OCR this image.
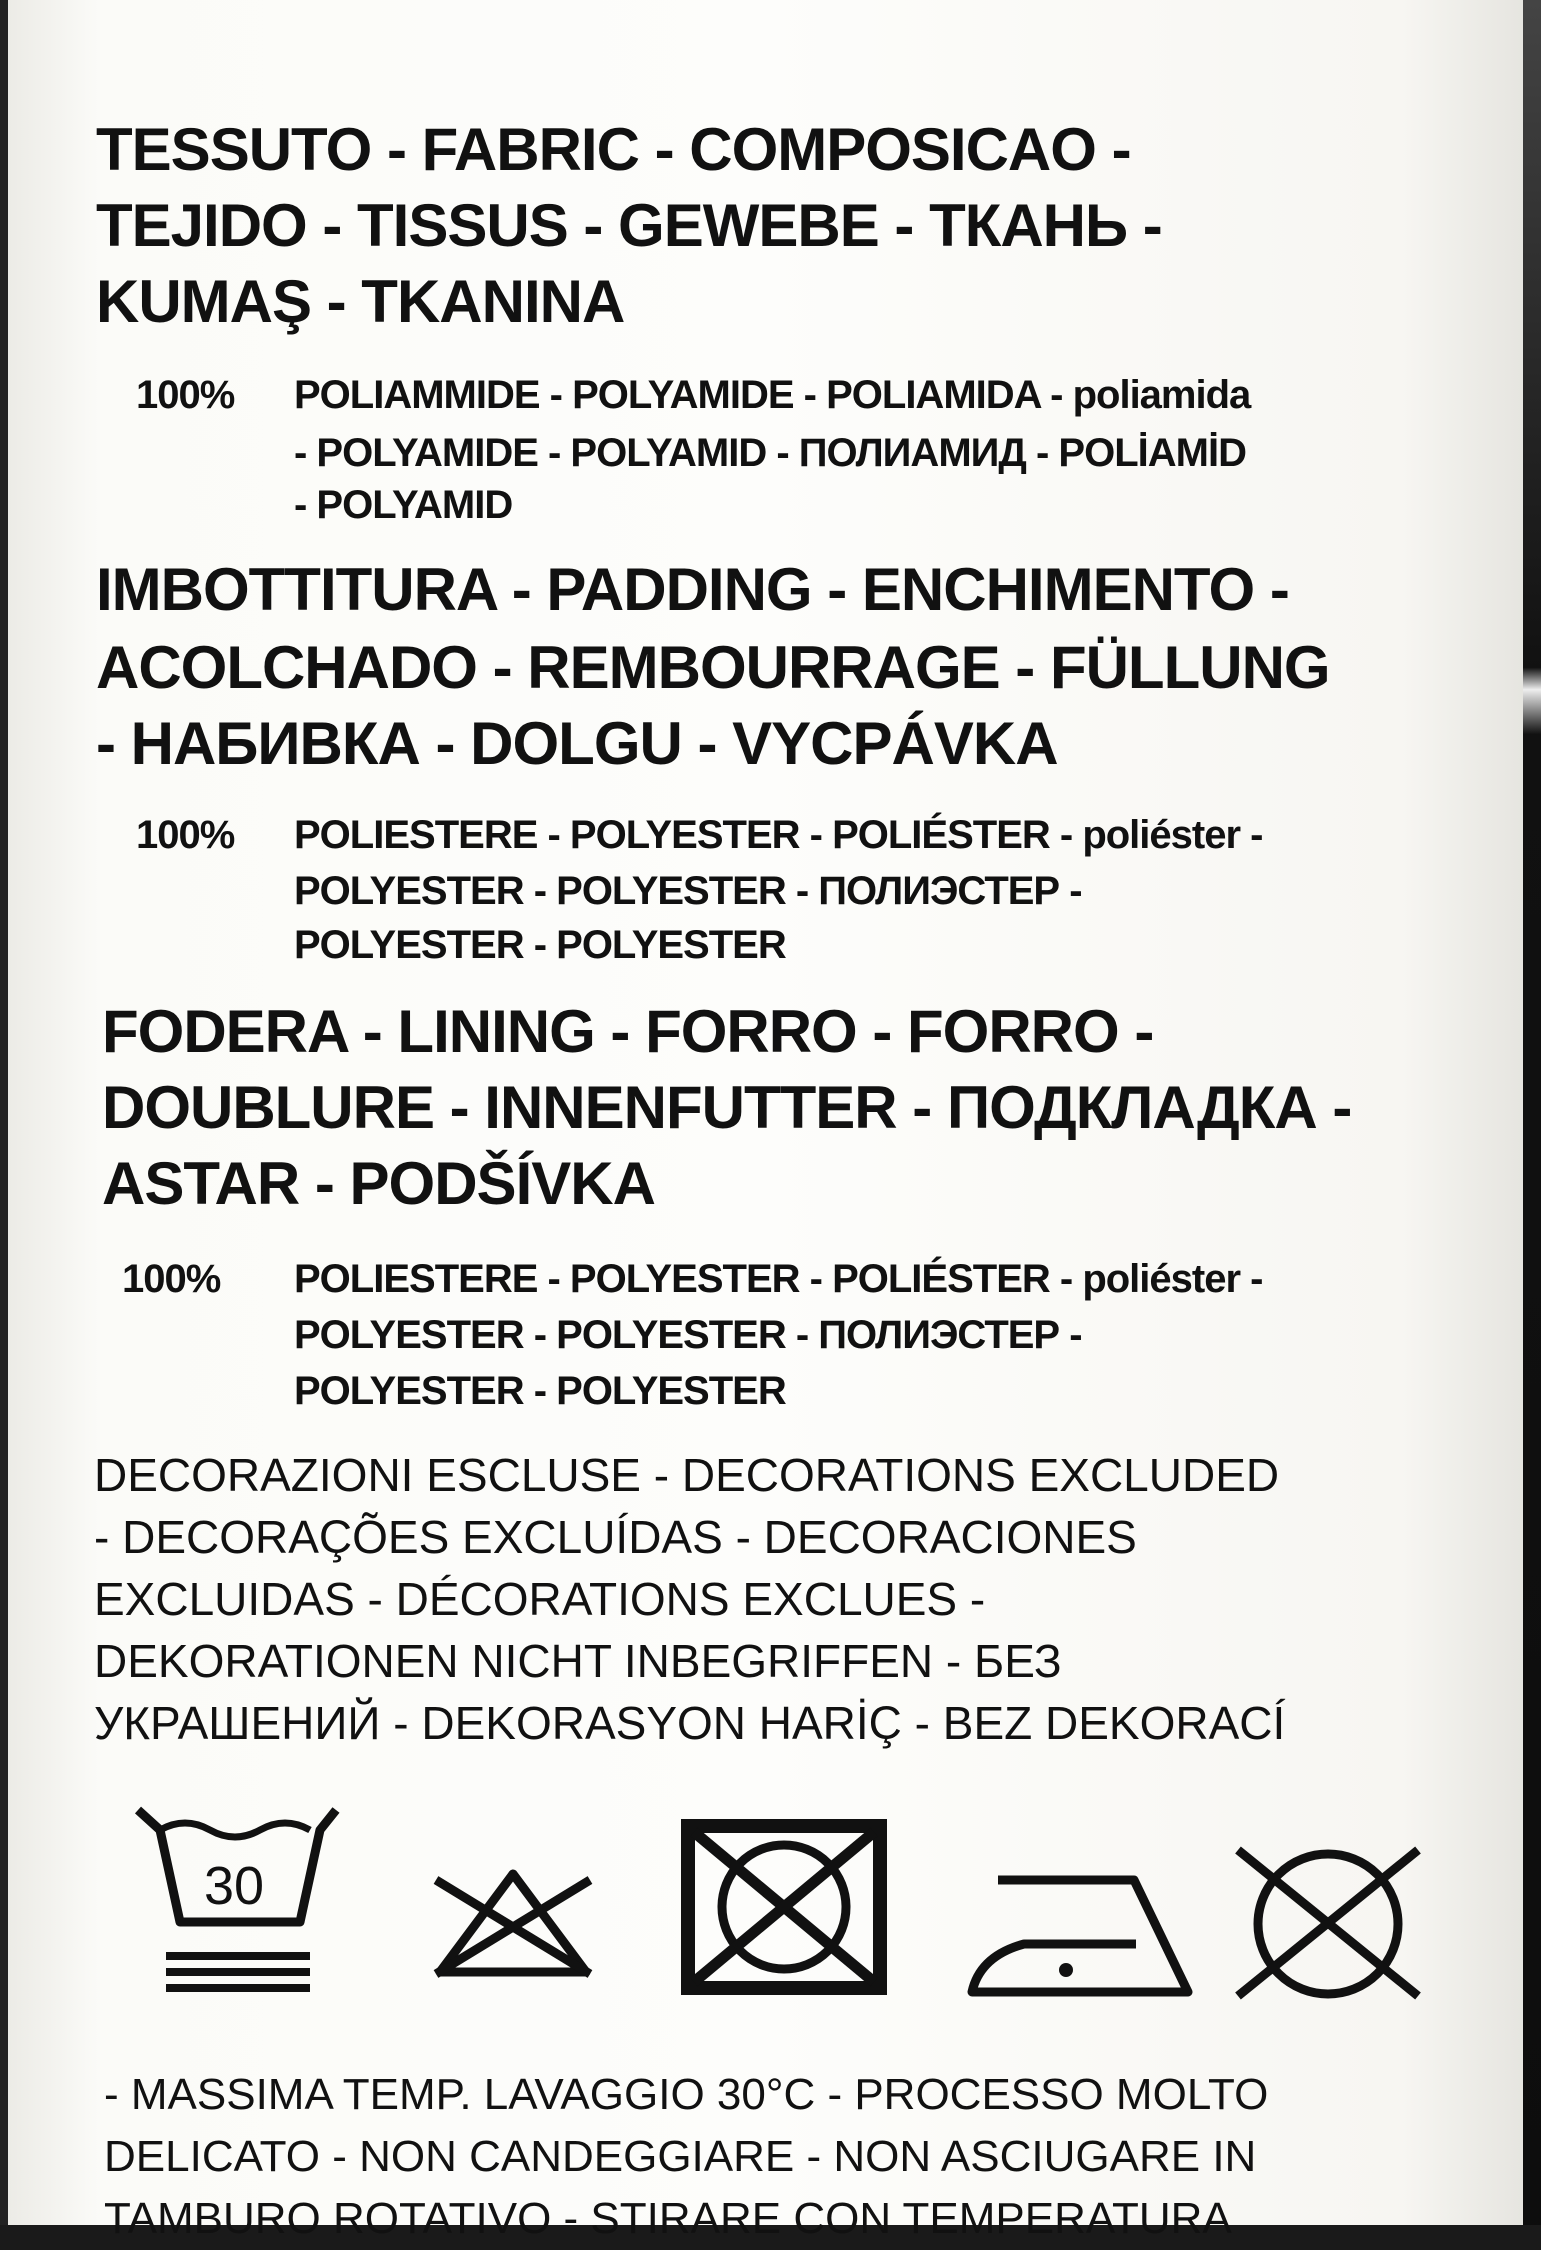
TESSUTO - FABRIC - COMPOSICAO -

TEJIDO - TISSUS - GEWEBE - ТКАНЬ -

KUMAŞ - TKANINA

100% POLIAMMIDE - POLYAMIDE - POLIAMIDA - poliamida

- POLYAMIDE - POLYAMID - ПОЛИАМИД - POLİAMİD

- POLYAMID

IMBOTTITURA - PADDING - ENCHIMENTO -

ACOLCHADO - REMBOURRAGE - FÜLLUNG

- НАБИВКА - DOLGU - VYCPÁVKA

100% POLIESTERE - POLYESTER - POLIÉSTER - poliéster -

POLYESTER - POLYESTER - ПОЛИЭСТЕР -

POLYESTER - POLYESTER

FODERA - LINING - FORRO - FORRO -

DOUBLURE - INNENFUTTER - ПОДКЛАДКА -

ASTAR - PODŠÍVKA

100% POLIESTERE - POLYESTER - POLIÉSTER - poliéster -

POLYESTER - POLYESTER - ПОЛИЭСТЕР -

POLYESTER - POLYESTER

DECORAZIONI ESCLUSE - DECORATIONS EXCLUDED

- DECORAÇÕES EXCLUÍDAS - DECORACIONES

EXCLUIDAS - DÉCORATIONS EXCLUES -

DEKORATIONEN NICHT INBEGRIFFEN - БЕЗ

УКРАШЕНИЙ - DEKORASYON HARİÇ - BEZ DEKORACÍ

30

- MASSIMA TEMP. LAVAGGIO 30°C - PROCESSO MOLTO

DELICATO - NON CANDEGGIARE - NON ASCIUGARE IN

TAMBURO ROTATIVO - STIRARE CON TEMPERATURA
